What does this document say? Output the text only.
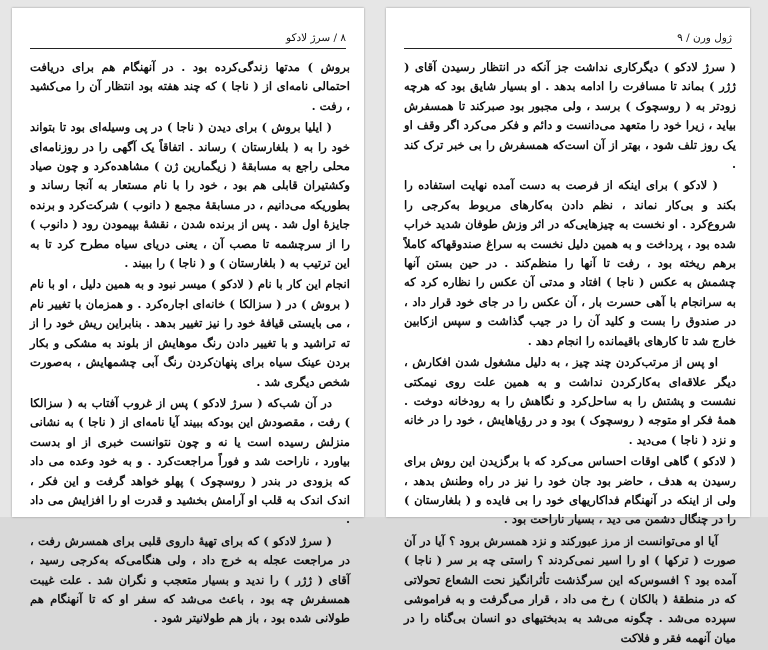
۸ / سرژ لادکو

بروش ) مدتها زندگی‌کرده بود . در آنهنگام هم برای دریافت احتمالی نامه‌ای از ( ناجا ) که چند هفته بود انتظار آن را می‌کشید ، رفت .

( ایلیا بروش ) برای دیدن ( ناجا ) در پی وسیله‌ای بود تا بتواند خود را به ( بلغارستان ) رساند . اتفاقاً یک آگهی را در روزنامه‌ای محلی راجع به مسابقهٔ ( زیگمارین ژن ) مشاهده‌کرد و چون صیاد وکشتیران قابلی هم بود ، خود را با نام مستعار به آنجا رساند و بطوریکه می‌دانیم ، در مسابقهٔ مجمع ( دانوب ) شرکت‌کرد و برنده جایزهٔ اول شد . پس از برنده شدن ، نقشهٔ بپیمودن رود ( دانوب ) را از سرچشمه تا مصب آن ، یعنی دریای سیاه مطرح کرد تا به این ترتیب به ( بلغارستان ) و ( ناجا ) را ببیند .

انجام این کار با نام ( لادکو ) میسر نبود و به همین دلیل ، او با نام ( بروش ) در ( سزالکا ) خانه‌ای اجاره‌کرد . و همزمان با تغییر نام ، می بایستی قیافهٔ خود را نیز تغییر بدهد . بنابراین ریش خود را از ته تراشید و با تغییر دادن رنگ موهایش از بلوند به مشکی و بکار بردن عینک سیاه برای پنهان‌کردن رنگ آبی چشمهایش ، به‌صورت شخص دیگری شد .

در آن شب‌که ( سرژ لادکو ) پس از غروب آفتاب به ( سزالکا ) رفت ، مقصودش این بودکه ببیند آیا نامه‌ای از ( ناجا ) به نشانی منزلش رسیده است یا نه و چون نتوانست خبری از او بدست بیاورد ، ناراحت شد و فوراً مراجعت‌کرد . و به خود وعده می داد که بزودی در بندر ( روسچوک ) پهلو خواهد گرفت و این فکر ، اندک اندک به قلب او آرامش بخشید و قدرت او را افزایش می داد .

( سرژ لادکو ) که برای تهیهٔ داروی قلبی برای همسرش رفت ، در مراجعت عجله به خرج داد ، ولی هنگامی‌که به‌کرجی رسید ، آقای ( ژژر ) را ندید و بسیار متعجب و نگران شد . علت غیبت همسفرش چه بود ، باعث می‌شد که سفر او که تا آنهنگام هم طولانی شده بود ، باز هم طولانیتر شود .

ژول ورن / ۹

( سرژ لادکو ) دیگرکاری نداشت جز آنکه در انتظار رسیدن آقای ( ژژر ) بماند تا مسافرت را ادامه بدهد . او بسیار شایق بود که هرچه زودتر به ( روسچوک ) برسد ، ولی مجبور بود صبرکند تا همسفرش بیاید ، زیرا خود را متعهد می‌دانست و دائم و فکر می‌کرد اگر وقف او یک روز تلف شود ، بهتر از آن است‌که همسفرش را بی خبر ترک کند .

( لادکو ) برای اینکه از فرصت به دست آمده نهایت استفاده را بکند و بی‌کار نماند ، نظم دادن به‌کارهای مربوط به‌کرجی را شروع‌کرد . او نخست به چیزهایی‌که در اثر وزش طوفان شدید خراب شده بود ، پرداخت و به همین دلیل نخست به سراغ صندوقهاکه کاملاً برهم ریخته بود ، رفت تا آنها را منظم‌کند . در حین بستن آنها چشمش به عکس ( ناجا ) افتاد و مدتی آن عکس را نظاره کرد که به سرانجام با آهی حسرت بار ، آن عکس را در جای خود قرار داد ، در صندوق را بست و کلید آن را در جیب گذاشت و سپس ازکابین خارج شد تا کارهای باقیمانده را انجام دهد .

او پس از مرتب‌کردن چند چیز ، به دلیل مشغول شدن افکارش ، دیگر علاقه‌ای به‌کارکردن نداشت و به همین علت روی نیمکتی نشست و پشتش را به ساحل‌کرد و نگاهش را به رودخانه دوخت . همهٔ فکر او متوجه ( روسچوک ) بود و در رؤیاهایش ، خود را در خانه و نزد ( ناجا ) می‌دید .

( لادکو ) گاهی اوقات احساس می‌کرد که با برگزیدن این روش برای رسیدن به هدف ، حاضر بود جان خود را نیز در راه وطنش بدهد ، ولی از اینکه در آنهنگام فداکاریهای خود را بی فایده و ( بلغارستان ) را در چنگال دشمن می دید ، بسیار ناراحت بود .

آیا او می‌توانست از مرز عبورکند و نزد همسرش برود ؟ آیا در آن صورت ( ترکها ) او را اسیر نمی‌کردند ؟ راستی چه بر سر ( ناجا ) آمده بود ؟ افسوس‌که این سرگذشت تأثرانگیز نحت الشعاع تحولاتی که در منطقهٔ ( بالکان ) رخ می داد ، قرار می‌گرفت و به فراموشی سپرده می‌شد . چگونه می‌شد به بدبختیهای دو انسان بی‌گناه را در میان آنهمه فقر و فلاکت
